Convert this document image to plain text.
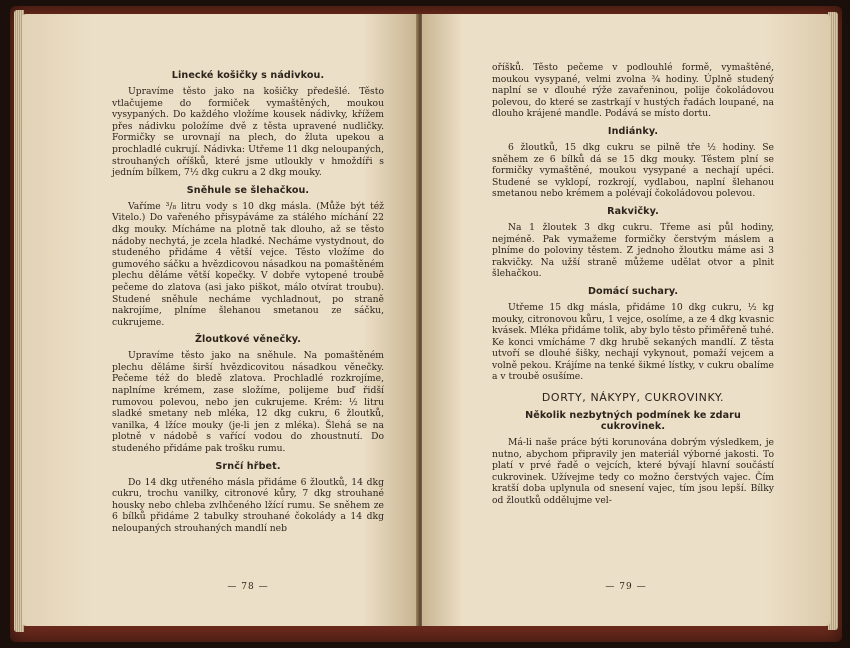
Linecké košičky s nádivkou.

Upravíme těsto jako na košičky předešlé. Těsto vtlačujeme do formiček vymaštěných, moukou vysypaných. Do každého vložíme kousek nádivky, křížem přes nádivku položíme dvě z těsta upravené nudličky. Formičky se urovnají na plech, do žluta upekou a prochladlé cukrují. Nádivka: Utřeme 11 dkg neloupaných, strouhaných oříšků, které jsme utloukly v hmoždíři s jedním bílkem, 7½ dkg cukru a 2 dkg mouky.

Sněhule se šlehačkou.

Vaříme ³/₈ litru vody s 10 dkg másla. (Může být též Vitelo.) Do vařeného přisypáváme za stálého míchání 22 dkg mouky. Mícháme na plotně tak dlouho, až se těsto nádoby nechytá, je zcela hladké. Necháme vystydnout, do studeného přidáme 4 větší vejce. Těsto vložíme do gumového sáčku a hvězdicovou násadkou na pomaštěném plechu děláme větší kopečky. V dobře vytopené troubě pečeme do zlatova (asi jako piškot, málo otvírat troubu). Studené sněhule necháme vychladnout, po straně nakrojíme, plníme šlehanou smetanou ze sáčku, cukrujeme.

Žloutkové věnečky.

Upravíme těsto jako na sněhule. Na pomaštěném plechu děláme širší hvězdicovitou násadkou věnečky. Pečeme též do bledě zlatova. Prochladlé rozkrojíme, naplníme krémem, zase složíme, polijeme buď řidší rumovou polevou, nebo jen cukrujeme. Krém: ½ litru sladké smetany neb mléka, 12 dkg cukru, 6 žloutků, vanilka, 4 lžíce mouky (je-li jen z mléka). Šlehá se na plotně v nádobě s vařící vodou do zhoustnutí. Do studeného přidáme pak trošku rumu.

Srnčí hřbet.

Do 14 dkg utřeného másla přidáme 6 žloutků, 14 dkg cukru, trochu vanilky, citronové kůry, 7 dkg strouhané housky nebo chleba zvlhčeného lžící rumu. Se sněhem ze 6 bílků přidáme 2 tabulky strouhané čokolády a 14 dkg neloupaných strouhaných mandlí neb

— 78 —

oříšků. Těsto pečeme v podlouhlé formě, vymaštěné, moukou vysypané, velmi zvolna ¾ hodiny. Úplně studený naplní se v dlouhé rýže zavařeninou, polije čokoládovou polevou, do které se zastrkají v hustých řadách loupané, na dlouho krájené mandle. Podává se místo dortu.

Indiánky.

6 žloutků, 15 dkg cukru se pilně tře ½ hodiny. Se sněhem ze 6 bílků dá se 15 dkg mouky. Těstem plní se formičky vymaštěné, moukou vysypané a nechají upéci. Studené se vyklopí, rozkrojí, vydlabou, naplní šlehanou smetanou nebo krémem a polévají čokoládovou polevou.

Rakvičky.

Na 1 žloutek 3 dkg cukru. Třeme asi půl hodiny, nejméně. Pak vymažeme formičky čerstvým máslem a plníme do poloviny těstem. Z jednoho žloutku máme asi 3 rakvičky. Na užší straně můžeme udělat otvor a plnit šlehačkou.

Domácí suchary.

Utřeme 15 dkg másla, přidáme 10 dkg cukru, ½ kg mouky, citronovou kůru, 1 vejce, osolíme, a ze 4 dkg kvasnic kvásek. Mléka přidáme tolik, aby bylo těsto přiměřeně tuhé. Ke konci vmícháme 7 dkg hrubě sekaných mandlí. Z těsta utvoří se dlouhé šišky, nechají vykynout, pomaží vejcem a volně pekou. Krájíme na tenké šikmé lístky, v cukru obalíme a v troubě osušíme.

DORTY, NÁKYPY, CUKROVINKY.
Několik nezbytných podmínek ke zdaru cukrovinek.

Má-li naše práce býti korunována dobrým výsledkem, je nutno, abychom připravily jen materiál výborné jakosti. To platí v prvé řadě o vejcích, které bývají hlavní součástí cukrovinek. Užívejme tedy co možno čerstvých vajec. Čím kratší doba uplynula od snesení vajec, tím jsou lepší. Bílky od žloutků oddělujme vel-

— 79 —
